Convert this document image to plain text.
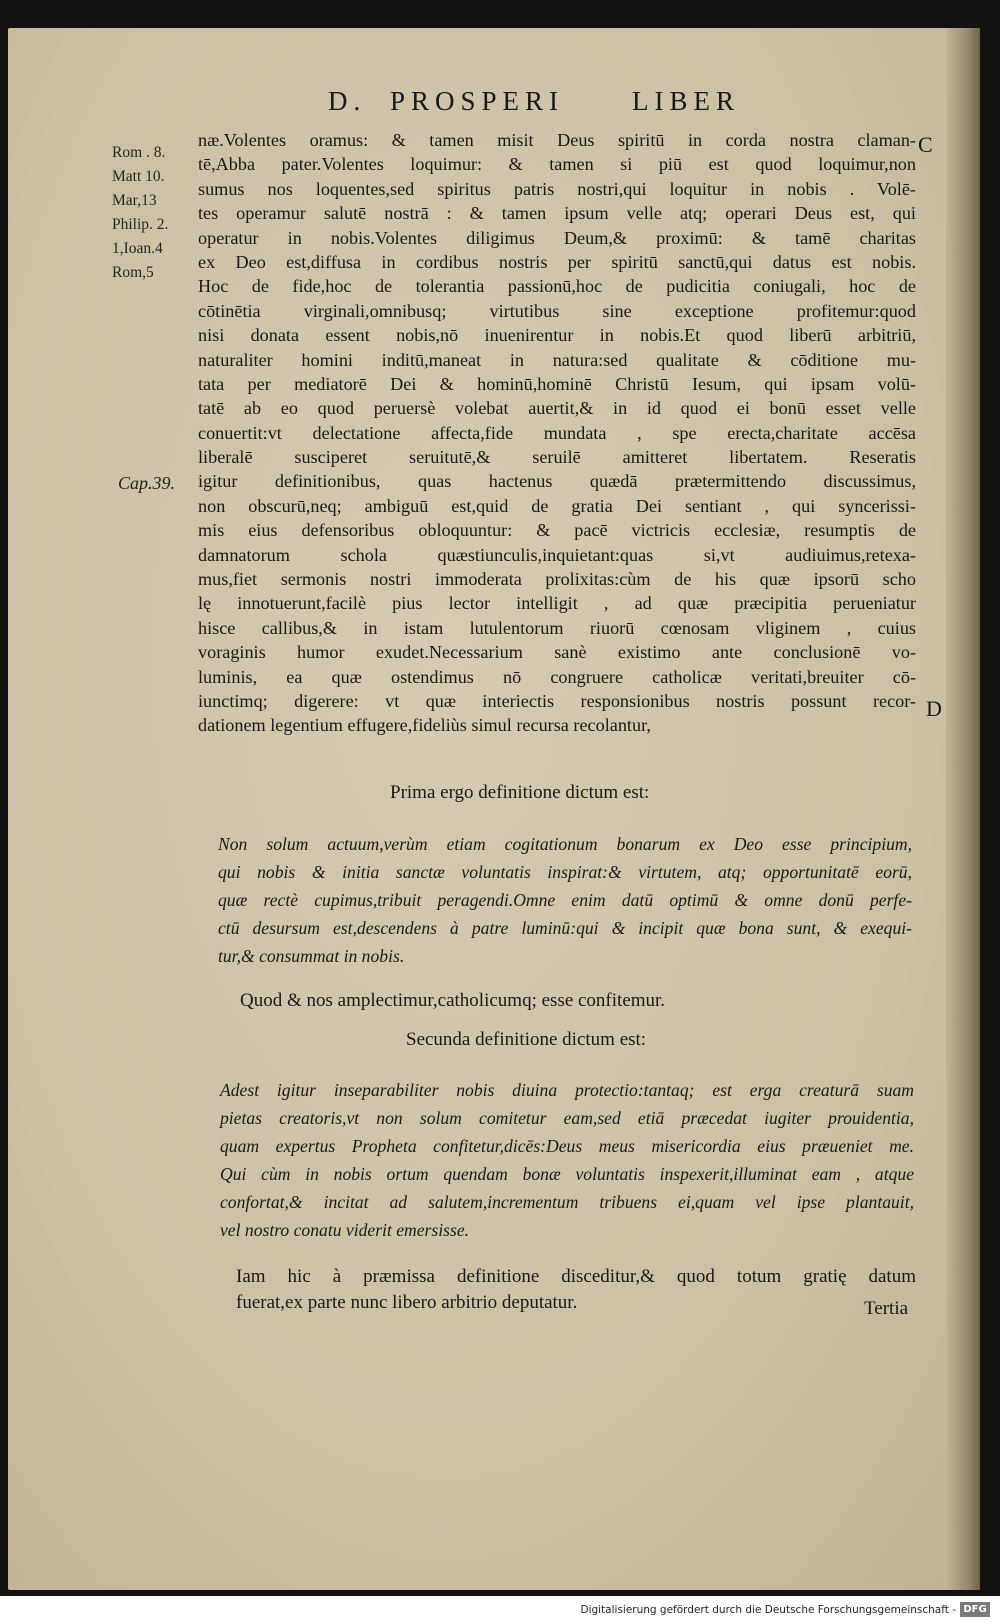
D. PROSPERI	LIBER
C
D
Rom . 8.
Matt 10.
Mar,13
Philip. 2.
1,Ioan.4
Rom,5
Cap.39.
næ.Volentes oramus: & tamen misit Deus spiritū in corda nostra claman-
tē,Abba pater.Volentes loquimur: & tamen si piū est quod loquimur,non
sumus nos loquentes,sed spiritus patris nostri,qui loquitur in nobis . Volē-
tes operamur salutē nostrā : & tamen ipsum velle atq; operari Deus est, qui
operatur in nobis.Volentes diligimus Deum,& proximū: & tamē charitas
ex Deo est,diffusa in cordibus nostris per spiritū sanctū,qui datus est nobis.
Hoc de fide,hoc de tolerantia passionū,hoc de pudicitia coniugali, hoc de
cōtinētia virginali,omnibusq; virtutibus sine exceptione profitemur:quod
nisi donata essent nobis,nō inuenirentur in nobis.Et quod liberū arbitriū,
naturaliter homini inditū,maneat in natura:sed qualitate & cōditione mu-
tata per mediatorē Dei & hominū,hominē Christū Iesum, qui ipsam volū-
tatē ab eo quod peruersè volebat auertit,& in id quod ei bonū esset velle
conuertit:vt delectatione affecta,fide mundata , spe erecta,charitate accēsa
liberalē susciperet seruitutē,& seruilē amitteret libertatem. Reseratis
igitur definitionibus, quas hactenus quædā prætermittendo discussimus,
non obscurū,neq; ambiguū est,quid de gratia Dei sentiant , qui syncerissi-
mis eius defensoribus obloquuntur: & pacē victricis ecclesiæ, resumptis de
damnatorum schola quæstiunculis,inquietant:quas si,vt audiuimus,retexa-
mus,fiet sermonis nostri immoderata prolixitas:cùm de his quæ ipsorū scho
lę innotuerunt,facilè pius lector intelligit , ad quæ præcipitia perueniatur
hisce callibus,& in istam lutulentorum riuorū cœnosam vliginem , cuius
voraginis humor exudet.Necessarium sanè existimo ante conclusionē vo-
luminis, ea quæ ostendimus nō congruere catholicæ veritati,breuiter cō-
iunctimq; digerere: vt quæ interiectis responsionibus nostris possunt recor-
dationem legentium effugere,fideliùs simul recursa recolantur,
Prima ergo definitione dictum est:
Non solum actuum,verùm etiam cogitationum bonarum ex Deo esse principium,
qui nobis & initia sanctæ voluntatis inspirat:& virtutem, atq; opportunitatē eorū,
quæ rectè cupimus,tribuit peragendi.Omne enim datū optimū & omne donū perfe-
ctū desursum est,descendens à patre luminū:qui & incipit quæ bona sunt, & exequi-
tur,& consummat in nobis.
Quod & nos amplectimur,catholicumq; esse confitemur.
Secunda definitione dictum est:
Adest igitur inseparabiliter nobis diuina protectio:tantaq; est erga creaturā suam
pietas creatoris,vt non solum comitetur eam,sed etiā præcedat iugiter prouidentia,
quam expertus Propheta confitetur,dicēs:Deus meus misericordia eius præueniet me.
Qui cùm in nobis ortum quendam bonæ voluntatis inspexerit,illuminat eam , atque
confortat,& incitat ad salutem,incrementum tribuens ei,quam vel ipse plantauit,
vel nostro conatu viderit emersisse.
Iam hic à præmissa definitione disceditur,& quod totum gratię datum
fuerat,ex parte nunc libero arbitrio deputatur.	Tertia
Digitalisierung gefördert durch die Deutsche Forschungsgemeinschaft - DFG
